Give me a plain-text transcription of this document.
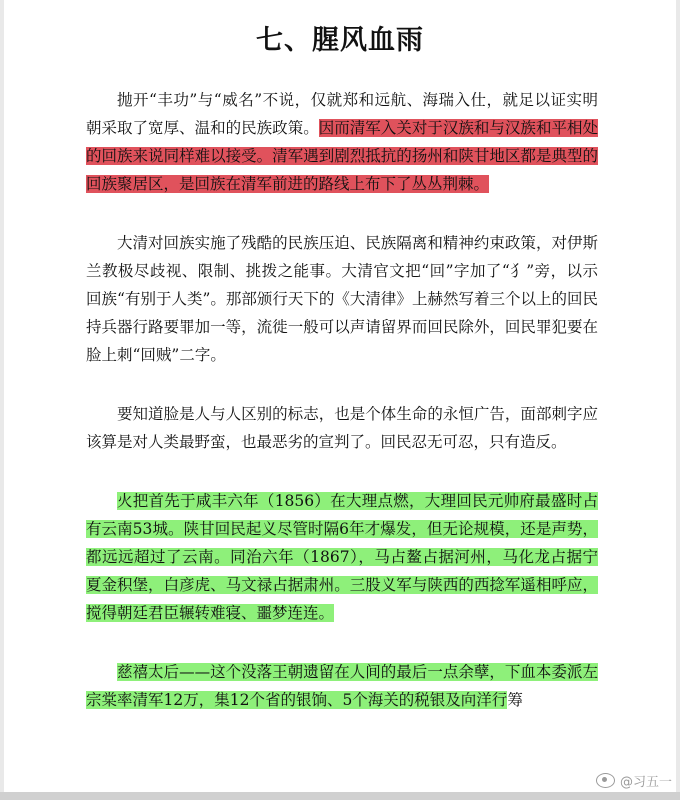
七、腥风血雨

抛开“丰功”与“威名”不说，仅就郑和远航、海瑞入仕，就足以证实明朝采取了宽厚、温和的民族政策。因而清军入关对于汉族和与汉族和平相处的回族来说同样难以接受。清军遇到剧烈抵抗的扬州和陕甘地区都是典型的回族聚居区，是回族在清军前进的路线上布下了丛丛荆棘。

大清对回族实施了残酷的民族压迫、民族隔离和精神约束政策，对伊斯兰教极尽歧视、限制、挑拨之能事。大清官文把“回”字加了“犭”旁，以示回族“有别于人类”。那部颁行天下的《大清律》上赫然写着三个以上的回民持兵器行路要罪加一等，流徙一般可以声请留界而回民除外，回民罪犯要在脸上刺“回贼”二字。

要知道脸是人与人区别的标志，也是个体生命的永恒广告，面部刺字应该算是对人类最野蛮，也最恶劣的宣判了。回民忍无可忍，只有造反。

火把首先于咸丰六年（1856）在大理点燃，大理回民元帅府最盛时占有云南53城。陕甘回民起义尽管时隔6年才爆发，但无论规模，还是声势，都远远超过了云南。同治六年（1867），马占鳌占据河州，马化龙占据宁夏金积堡，白彦虎、马文禄占据肃州。三股义军与陕西的西捻军遥相呼应，搅得朝廷君臣辗转难寝、噩梦连连。

慈禧太后——这个没落王朝遗留在人间的最后一点余孽，下血本委派左宗棠率清军12万，集12个省的银饷、5个海关的税银及向洋行筹

@习五一
